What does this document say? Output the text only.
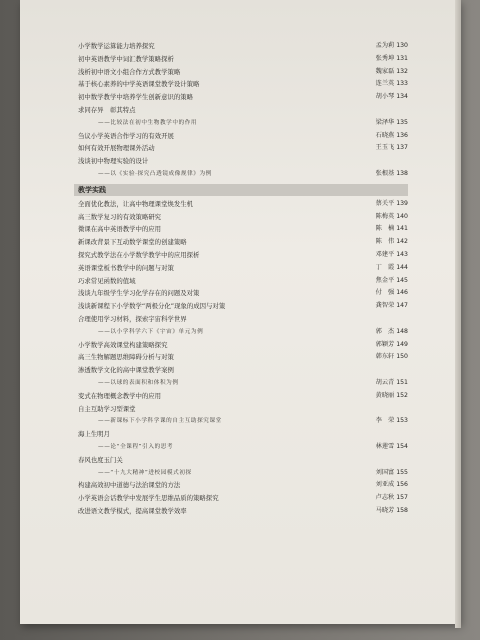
小学数学运算能力培养探究	孟为莉 130
初中英语教学中词汇教学策略探析	张秀坤 131
浅析初中语文小组合作方式教学策略	魏家磊 132
基于核心素养的中学英语课堂教学设计策略	连兰英 133
初中数学教学中培养学生创新意识的策略	胡小琴 134
求同存异　彰其特点
——比较法在初中生物教学中的作用	梁泽华 135
刍议小学英语合作学习的有效开展	石晓燕 136
如何有效开展物理课外活动	王玉飞 137
浅谈初中物理实验的设计
——以《实验·探究凸透镜成像规律》为例	张根基 138
教学实践
全面优化教法，让高中物理课堂焕发生机	蔡关平 139
高三数学复习的有效策略研究	陈梅英 140
微课在高中英语教学中的应用	陈　楠 141
新课改背景下互动数学课堂的创建策略	陈　伟 142
探究式教学法在小学数学教学中的应用探析	邓建平 143
英语课堂板书教学中的问题与对策	丁　霞 144
巧求常见函数的值域	焦金平 145
浅谈九年级学生学习化学存在的问题及对策	付　强 146
浅谈新课程下小学数学“两极分化”现象的成因与对策	龚智荣 147
合理使用学习材料，探索宇宙科学世界
——以小学科学六下《宇宙》单元为例	郭　杰 148
小学数学高效课堂构建策略探究	郭颖芳 149
高三生物解题思维障碍分析与对策	韩东轩 150
渗透数学文化的高中课堂教学案例
——以球的表面积和体积为例	胡云青 151
变式在物理概念教学中的应用	黄晓丽 152
自主互助学习型课堂
——新课标下小学科学课的自主互助探究课堂	李　荣 153
海上生明月
——论“全课程”引入的思考	林莲雪 154
春风也度玉门关
——“十九大精神”进校园模式初探	刘国富 155
构建高效初中道德与法治课堂的方法	刘亚成 156
小学英语会话教学中发展学生思维品质的策略探究	卢志秋 157
改进语文教学模式，提高课堂教学效率	马晓芳 158
